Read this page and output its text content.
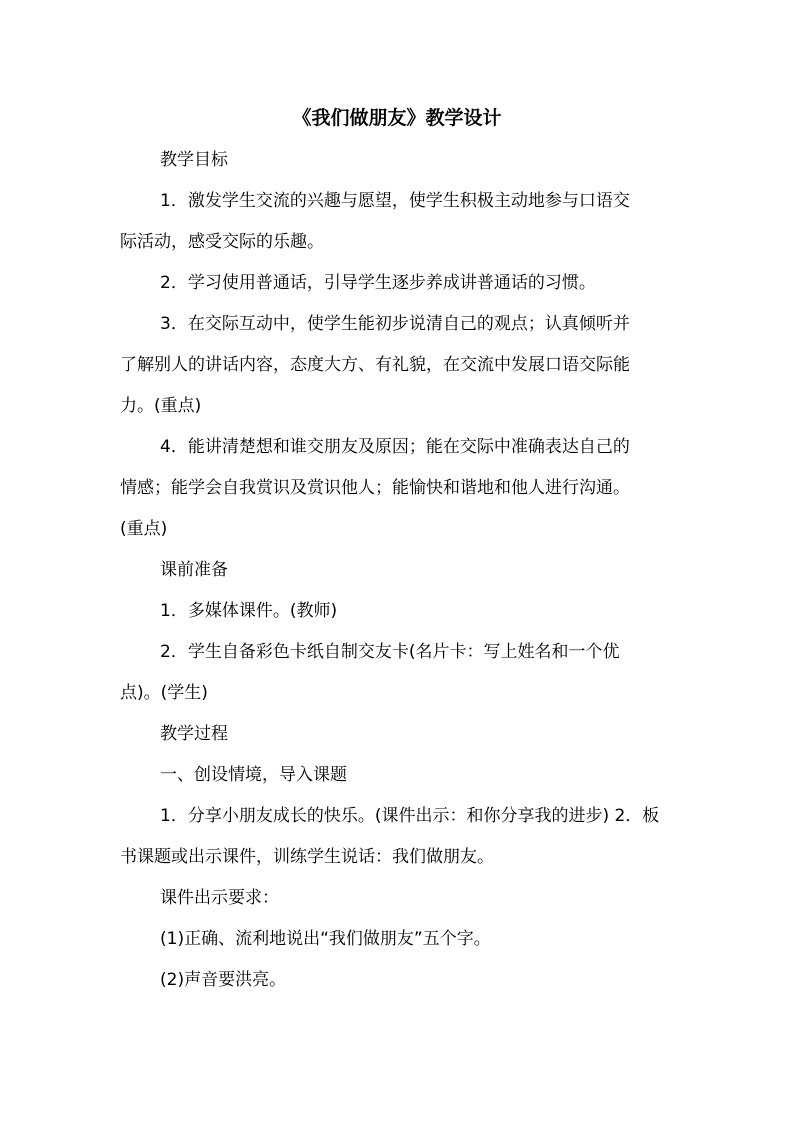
《我们做朋友》教学设计
教学目标
1．激发学生交流的兴趣与愿望，使学生积极主动地参与口语交
际活动，感受交际的乐趣。
2．学习使用普通话，引导学生逐步养成讲普通话的习惯。
3．在交际互动中，使学生能初步说清自己的观点；认真倾听并
了解别人的讲话内容，态度大方、有礼貌，在交流中发展口语交际能
力。(重点)
4．能讲清楚想和谁交朋友及原因；能在交际中准确表达自己的
情感；能学会自我赏识及赏识他人；能愉快和谐地和他人进行沟通。
(重点)
课前准备
1．多媒体课件。(教师)
2．学生自备彩色卡纸自制交友卡(名片卡：写上姓名和一个优
点)。(学生)
教学过程
一、创设情境，导入课题
1．分享小朋友成长的快乐。(课件出示：和你分享我的进步) 2．板
书课题或出示课件，训练学生说话：我们做朋友。
课件出示要求：
(1)正确、流利地说出“我们做朋友”五个字。
(2)声音要洪亮。
